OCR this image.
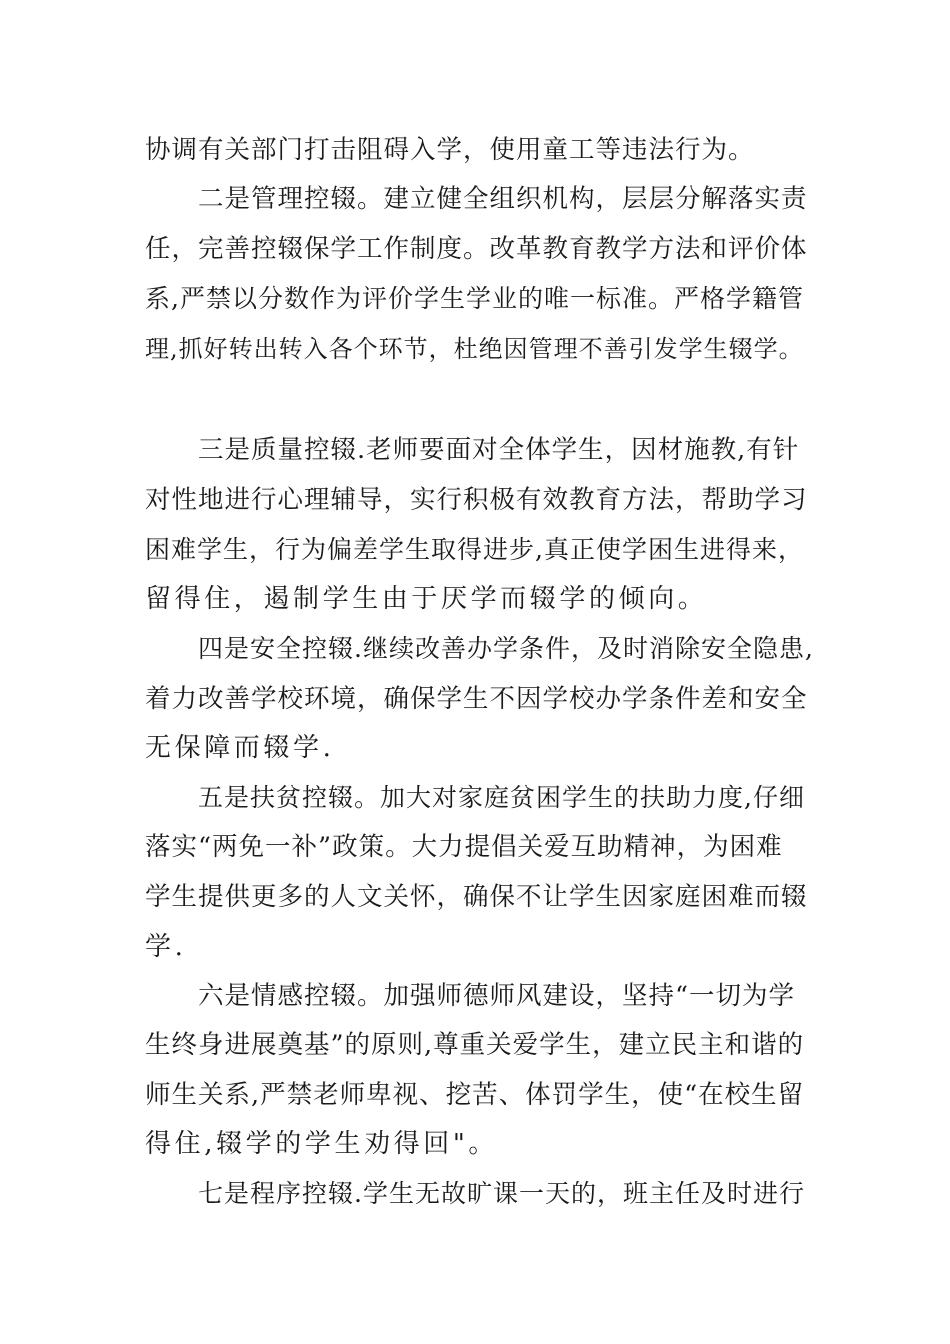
协调有关部门打击阻碍入学，使用童工等违法行为。
二是管理控辍。建立健全组织机构，层层分解落实责
任，完善控辍保学工作制度。改革教育教学方法和评价体
系,严禁以分数作为评价学生学业的唯一标准。严格学籍管
理,抓好转出转入各个环节，杜绝因管理不善引发学生辍学。
三是质量控辍.老师要面对全体学生，因材施教,有针
对性地进行心理辅导，实行积极有效教育方法，帮助学习
困难学生，行为偏差学生取得进步,真正使学困生进得来，
留得住，遏制学生由于厌学而辍学的倾向。
四是安全控辍.继续改善办学条件，及时消除安全隐患,
着力改善学校环境，确保学生不因学校办学条件差和安全
无保障而辍学.
五是扶贫控辍。加大对家庭贫困学生的扶助力度,仔细
落实“两免一补”政策。大力提倡关爱互助精神，为困难
学生提供更多的人文关怀，确保不让学生因家庭困难而辍
学.
六是情感控辍。加强师德师风建设，坚持“一切为学
生终身进展奠基”的原则,尊重关爱学生，建立民主和谐的
师生关系,严禁老师卑视、挖苦、体罚学生，使“在校生留
得住,辍学的学生劝得回"。
七是程序控辍.学生无故旷课一天的，班主任及时进行
